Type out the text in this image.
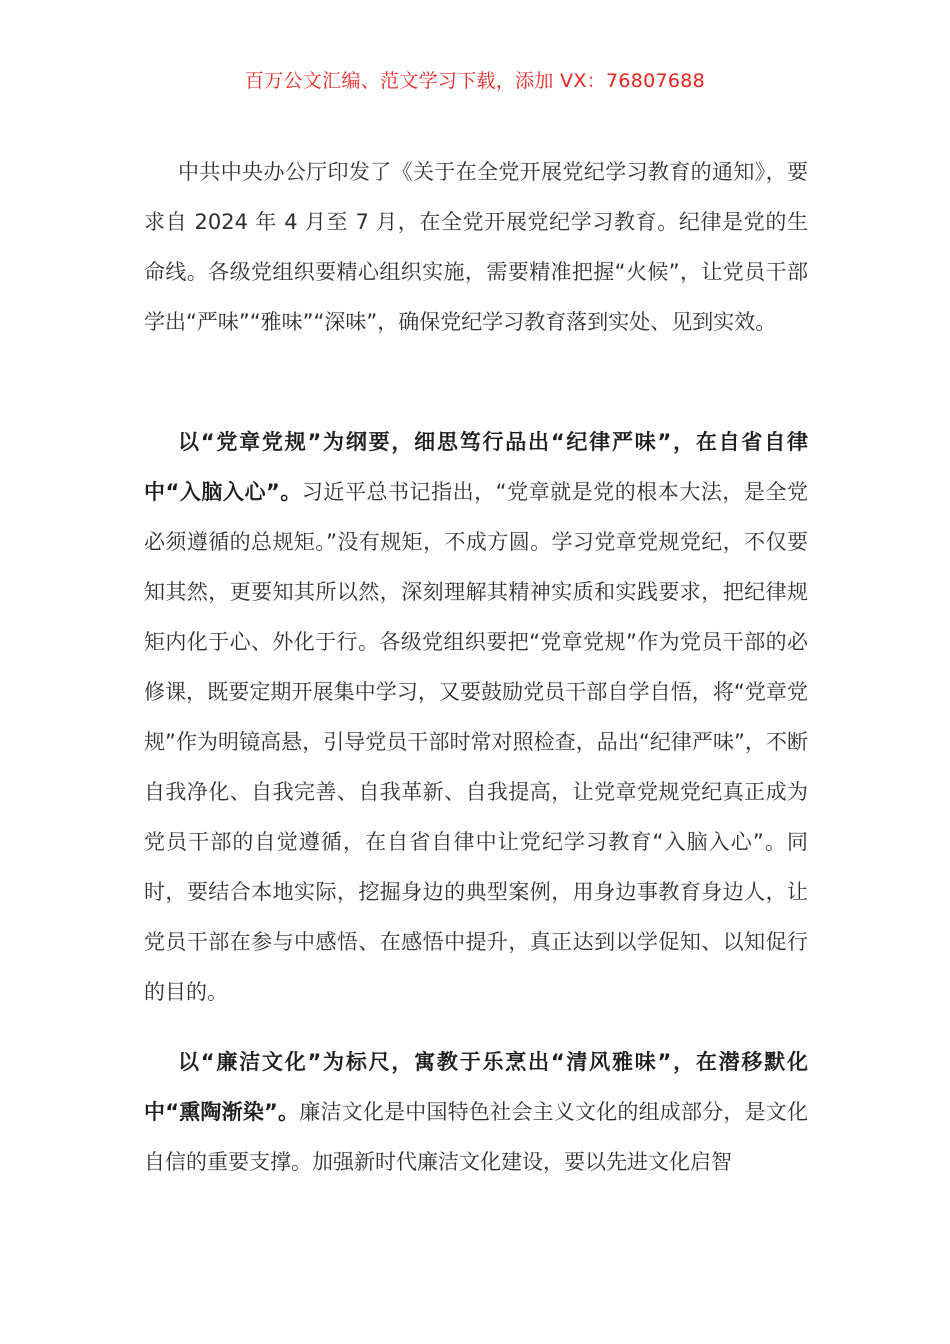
百万公文汇编、范文学习下载，添加 VX：76807688

中共中央办公厅印发了《关于在全党开展党纪学习教育的通知》，要求自 2024 年 4 月至 7 月，在全党开展党纪学习教育。纪律是党的生命线。各级党组织要精心组织实施，需要精准把握“火候”，让党员干部学出“严味”“雅味”“深味”，确保党纪学习教育落到实处、见到实效。

以“党章党规”为纲要，细思笃行品出“纪律严味”，在自省自律中“入脑入心”。习近平总书记指出，“党章就是党的根本大法，是全党必须遵循的总规矩。”没有规矩，不成方圆。学习党章党规党纪，不仅要知其然，更要知其所以然，深刻理解其精神实质和实践要求，把纪律规矩内化于心、外化于行。各级党组织要把“党章党规”作为党员干部的必修课，既要定期开展集中学习，又要鼓励党员干部自学自悟，将“党章党规”作为明镜高悬，引导党员干部时常对照检查，品出“纪律严味”，不断自我净化、自我完善、自我革新、自我提高，让党章党规党纪真正成为党员干部的自觉遵循，在自省自律中让党纪学习教育“入脑入心”。同时，要结合本地实际，挖掘身边的典型案例，用身边事教育身边人，让党员干部在参与中感悟、在感悟中提升，真正达到以学促知、以知促行的目的。

以“廉洁文化”为标尺，寓教于乐烹出“清风雅味”，在潜移默化中“熏陶渐染”。廉洁文化是中国特色社会主义文化的组成部分，是文化自信的重要支撑。加强新时代廉洁文化建设，要以先进文化启智
